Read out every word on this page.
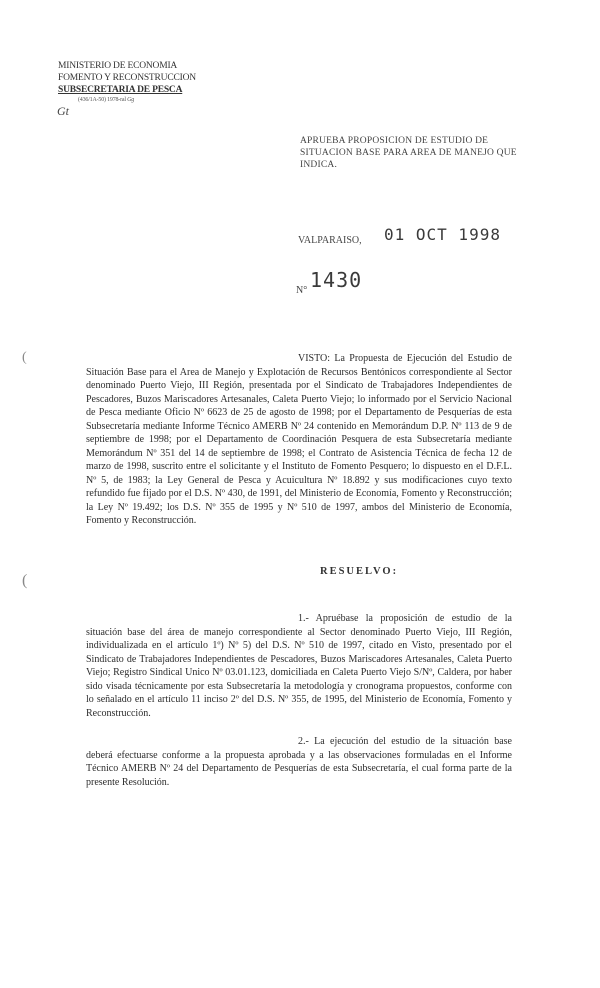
MINISTERIO DE ECONOMIA
FOMENTO Y RECONSTRUCCION
SUBSECRETARIA DE PESCA
(436/1A-50) 1978-ral Gg
Gt
APRUEBA PROPOSICION DE ESTUDIO DE SITUACION BASE PARA AREA DE MANEJO QUE INDICA.
VALPARAISO, 01 OCT 1998
N° 1430
(
(
VISTO: La Propuesta de Ejecución del Estudio de Situación Base para el Area de Manejo y Explotación de Recursos Bentónicos correspondiente al Sector denominado Puerto Viejo, III Región, presentada por el Sindicato de Trabajadores Independientes de Pescadores, Buzos Mariscadores Artesanales, Caleta Puerto Viejo; lo informado por el Servicio Nacional de Pesca mediante Oficio Nº 6623 de 25 de agosto de 1998; por el Departamento de Pesquerías de esta Subsecretaría mediante Informe Técnico AMERB Nº 24 contenido en Memorándum D.P. Nº 113 de 9 de septiembre de 1998; por el Departamento de Coordinación Pesquera de esta Subsecretaría mediante Memorándum Nº 351 del 14 de septiembre de 1998; el Contrato de Asistencia Técnica de fecha 12 de marzo de 1998, suscrito entre el solicitante y el Instituto de Fomento Pesquero; lo dispuesto en el D.F.L. Nº 5, de 1983; la Ley General de Pesca y Acuicultura Nº 18.892 y sus modificaciones cuyo texto refundido fue fijado por el D.S. Nº 430, de 1991, del Ministerio de Economía, Fomento y Reconstrucción; la Ley Nº 19.492; los D.S. Nº 355 de 1995 y Nº 510 de 1997, ambos del Ministerio de Economía, Fomento y Reconstrucción.
RESUELVO:
1.- Apruébase la proposición de estudio de la situación base del área de manejo correspondiente al Sector denominado Puerto Viejo, III Región, individualizada en el artículo 1º) Nº 5) del D.S. Nº 510 de 1997, citado en Visto, presentado por el Sindicato de Trabajadores Independientes de Pescadores, Buzos Mariscadores Artesanales, Caleta Puerto Viejo; Registro Sindical Unico Nº 03.01.123, domiciliada en Caleta Puerto Viejo S/Nº, Caldera, por haber sido visada técnicamente por esta Subsecretaría la metodología y cronograma propuestos, conforme con lo señalado en el artículo 11 inciso 2º del D.S. Nº 355, de 1995, del Ministerio de Economía, Fomento y Reconstrucción.
2.- La ejecución del estudio de la situación base deberá efectuarse conforme a la propuesta aprobada y a las observaciones formuladas en el Informe Técnico AMERB Nº 24 del Departamento de Pesquerías de esta Subsecretaría, el cual forma parte de la presente Resolución.
